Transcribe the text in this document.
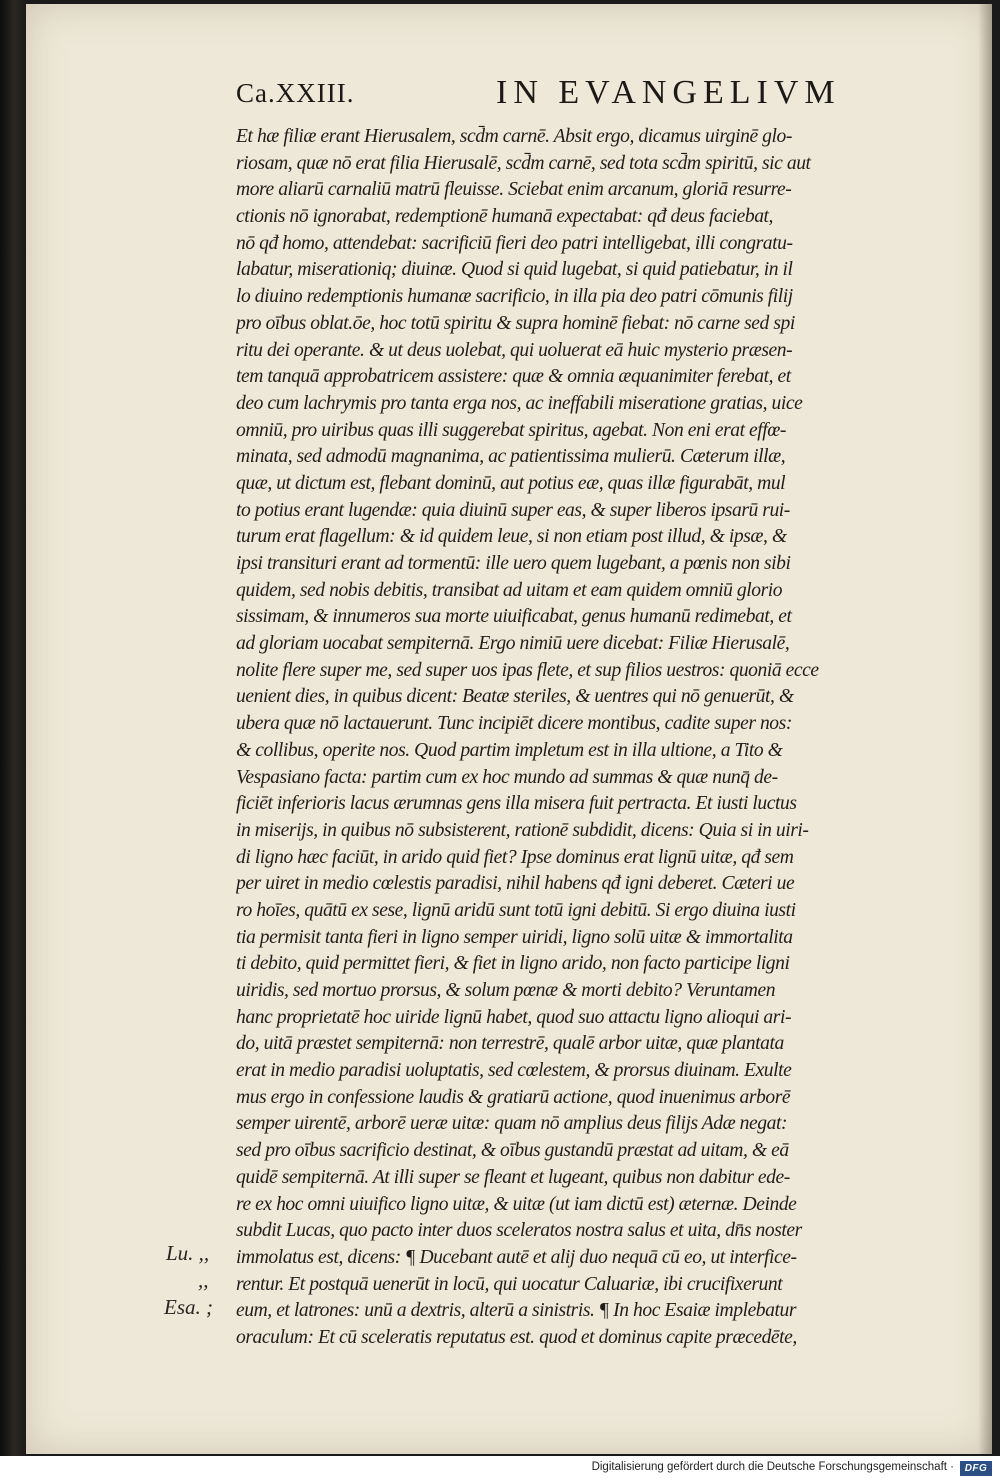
Ca.XXIII.	IN EVANGELIVM
Et hæ filiæ erant Hierusalem, scd̄m carnē. Absit ergo, dicamus uirginē glo-
riosam, quæ nō erat filia Hierusalē, scd̄m carnē, sed tota scd̄m spiritū, sic aut
more aliarū carnaliū matrū fleuisse. Sciebat enim arcanum, gloriā resurre-
ctionis nō ignorabat, redemptionē humanā expectabat: qđ deus faciebat,
nō qđ homo, attendebat: sacrificiū fieri deo patri intelligebat, illi congratu-
labatur, miserationiq; diuinæ. Quod si quid lugebat, si quid patiebatur, in il
lo diuino redemptionis humanæ sacrificio, in illa pia deo patri cōmunis filij
pro oībus oblat.ōe, hoc totū spiritu & supra hominē fiebat: nō carne sed spi
ritu dei operante. & ut deus uolebat, qui uoluerat eā huic mysterio præsen-
tem tanquā approbatricem assistere: quæ & omnia æquanimiter ferebat, et
deo cum lachrymis pro tanta erga nos, ac ineffabili miseratione gratias, uice
omniū, pro uiribus quas illi suggerebat spiritus, agebat. Non eni erat effœ-
minata, sed admodū magnanima, ac patientissima mulierū. Cæterum illæ,
quæ, ut dictum est, flebant dominū, aut potius eæ, quas illæ figurabāt, mul
to potius erant lugendæ: quia diuinū super eas, & super liberos ipsarū rui-
turum erat flagellum: & id quidem leue, si non etiam post illud, & ipsæ, &
ipsi transituri erant ad tormentū: ille uero quem lugebant, a pœnis non sibi
quidem, sed nobis debitis, transibat ad uitam et eam quidem omniū glorio
sissimam, & innumeros sua morte uiuificabat, genus humanū redimebat, et
ad gloriam uocabat sempiternā. Ergo nimiū uere dicebat: Filiæ Hierusalē,
nolite flere super me, sed super uos ipas flete, et sup filios uestros: quoniā ecce
uenient dies, in quibus dicent: Beatæ steriles, & uentres qui nō genuerūt, &
ubera quæ nō lactauerunt. Tunc incipiēt dicere montibus, cadite super nos:
& collibus, operite nos. Quod partim impletum est in illa ultione, a Tito &
Vespasiano facta: partim cum ex hoc mundo ad summas & quæ nunq̄ de-
ficiēt inferioris lacus ærumnas gens illa misera fuit pertracta. Et iusti luctus
in miserijs, in quibus nō subsisterent, rationē subdidit, dicens: Quia si in uiri-
di ligno hæc faciūt, in arido quid fiet? Ipse dominus erat lignū uitæ, qđ sem
per uiret in medio cœlestis paradisi, nihil habens qđ igni deberet. Cæteri ue
ro hoīes, quātū ex sese, lignū aridū sunt totū igni debitū. Si ergo diuina iusti
tia permisit tanta fieri in ligno semper uiridi, ligno solū uitæ & immortalita
ti debito, quid permittet fieri, & fiet in ligno arido, non facto participe ligni
uiridis, sed mortuo prorsus, & solum pœnæ & morti debito? Veruntamen
hanc proprietatē hoc uiride lignū habet, quod suo attactu ligno alioqui ari-
do, uitā præstet sempiternā: non terrestrē, qualē arbor uitæ, quæ plantata
erat in medio paradisi uoluptatis, sed cœlestem, & prorsus diuinam. Exulte
mus ergo in confessione laudis & gratiarū actione, quod inuenimus arborē
semper uirentē, arborē ueræ uitæ: quam nō amplius deus filijs Adæ negat:
sed pro oībus sacrificio destinat, & oībus gustandū præstat ad uitam, & eā
quidē sempiternā. At illi super se fleant et lugeant, quibus non dabitur ede-
re ex hoc omni uiuifico ligno uitæ, & uitæ (ut iam dictū est) æternæ. Deinde
subdit Lucas, quo pacto inter duos sceleratos nostra salus et uita, dn̄s noster
immolatus est, dicens: ¶ Ducebant autē et alij duo nequā cū eo, ut interfice-
rentur. Et postquā uenerūt in locū, qui uocatur Caluariæ, ibi crucifixerunt
eum, et latrones: unū a dextris, alterū a sinistris. ¶ In hoc Esaiæ implebatur
oraculum: Et cū sceleratis reputatus est. quod et dominus capite præcedēte,
Lu. ,,
,,
Esa. ;
Digitalisierung gefördert durch die Deutsche Forschungsgemeinschaft ·	DFG
